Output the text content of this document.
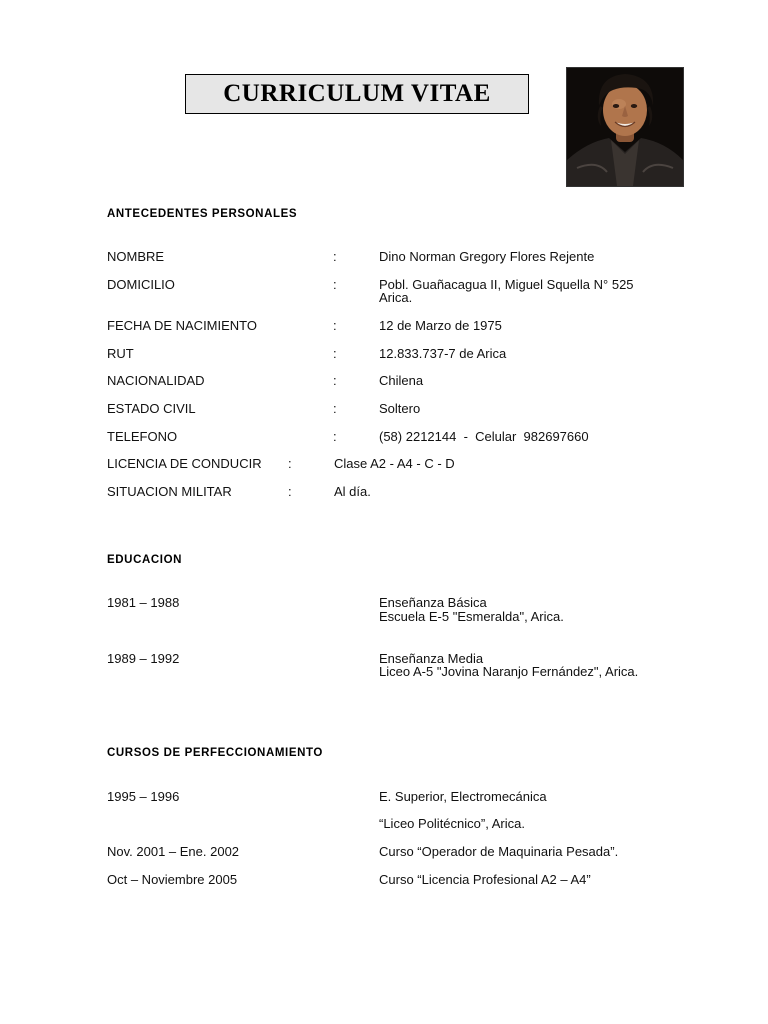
CURRICULUM VITAE
ANTECEDENTES PERSONALES
NOMBRE	:	Dino Norman Gregory Flores Rejente
DOMICILIO	:	Pobl. Guañacagua II, Miguel Squella N° 525
Arica.
FECHA DE NACIMIENTO	:	12 de Marzo de 1975
RUT	:	12.833.737-7 de Arica
NACIONALIDAD	:	Chilena
ESTADO CIVIL	:	Soltero
TELEFONO	:	(58) 2212144  -  Celular  982697660
LICENCIA DE CONDUCIR :	Clase A2 - A4 - C - D
SITUACION MILITAR	:	Al día.
EDUCACION
1981 – 1988	Enseñanza Básica
Escuela E-5 "Esmeralda", Arica.
1989 – 1992	Enseñanza Media
Liceo A-5 "Jovina Naranjo Fernández", Arica.
CURSOS DE PERFECCIONAMIENTO
1995 – 1996	E. Superior, Electromecánica
“Liceo Politécnico”, Arica.
Nov. 2001 – Ene. 2002	Curso “Operador de Maquinaria Pesada”.
Oct – Noviembre 2005	Curso “Licencia Profesional A2 – A4”
